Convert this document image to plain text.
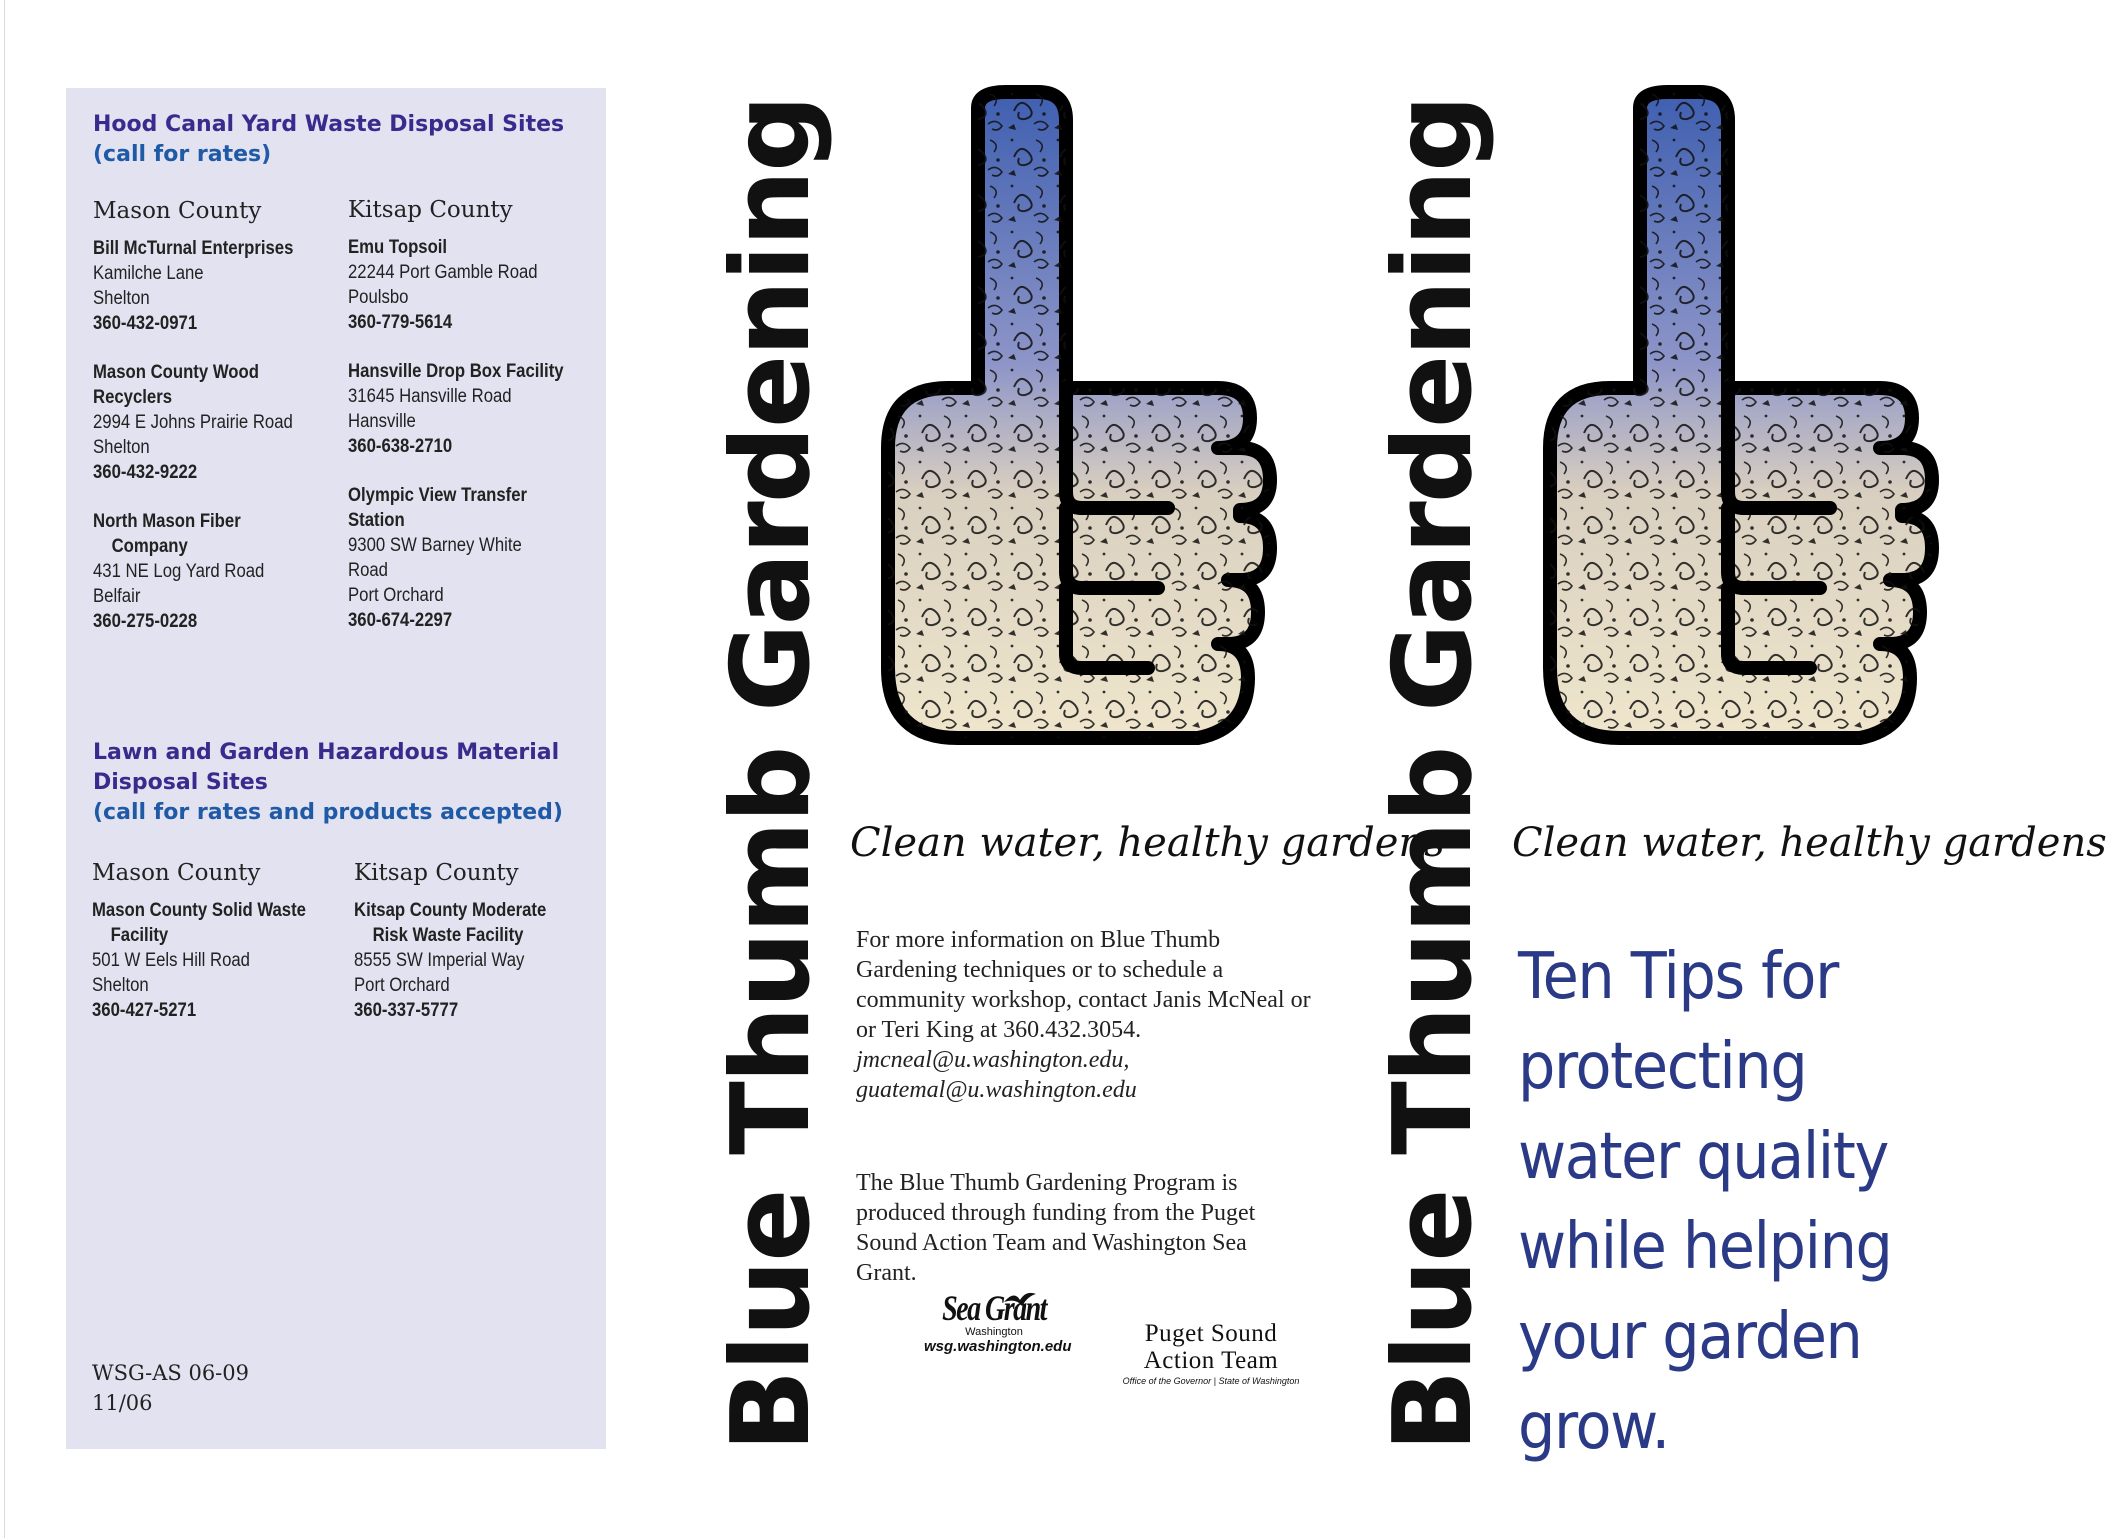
Hood Canal Yard Waste Disposal Sites
(call for rates)
Mason County
Bill McTurnal Enterprises
Kamilche Lane
Shelton
360-432-0971
Mason County Wood Recyclers
2994 E Johns Prairie Road
Shelton
360-432-9222
North Mason Fiber
Company
431 NE Log Yard Road
Belfair
360-275-0228
Kitsap County
Emu Topsoil
22244 Port Gamble Road
Poulsbo
360-779-5614
Hansville Drop Box Facility
31645 Hansville Road
Hansville
360-638-2710
Olympic View Transfer Station
9300 SW Barney White
Road
Port Orchard
360-674-2297
Lawn and Garden Hazardous Material Disposal Sites
(call for rates and products accepted)
Mason County
Mason County Solid Waste
Facility
501 W Eels Hill Road
Shelton
360-427-5271
Kitsap County
Kitsap County Moderate
Risk Waste Facility
8555 SW Imperial Way
Port Orchard
360-337-5777
WSG-AS 06-09
11/06	Blue Thumb Gardening Clean water, healthy gardens
For more information on Blue Thumb Gardening techniques or to schedule a community workshop, contact Janis McNeal or or Teri King at 360.432.3054.
jmcneal@u.washington.edu,
guatemal@u.washington.edu
The Blue Thumb Gardening Program is produced through funding from the Puget Sound Action Team and Washington Sea Grant.
Sea Grant
Washington
wsg.washington.edu	Puget Sound
Action Team
Office of the Governor | State of Washington Blue Thumb Gardening Clean water, healthy gardens
Ten Tips for
protecting
water quality
while helping
your garden
grow.
